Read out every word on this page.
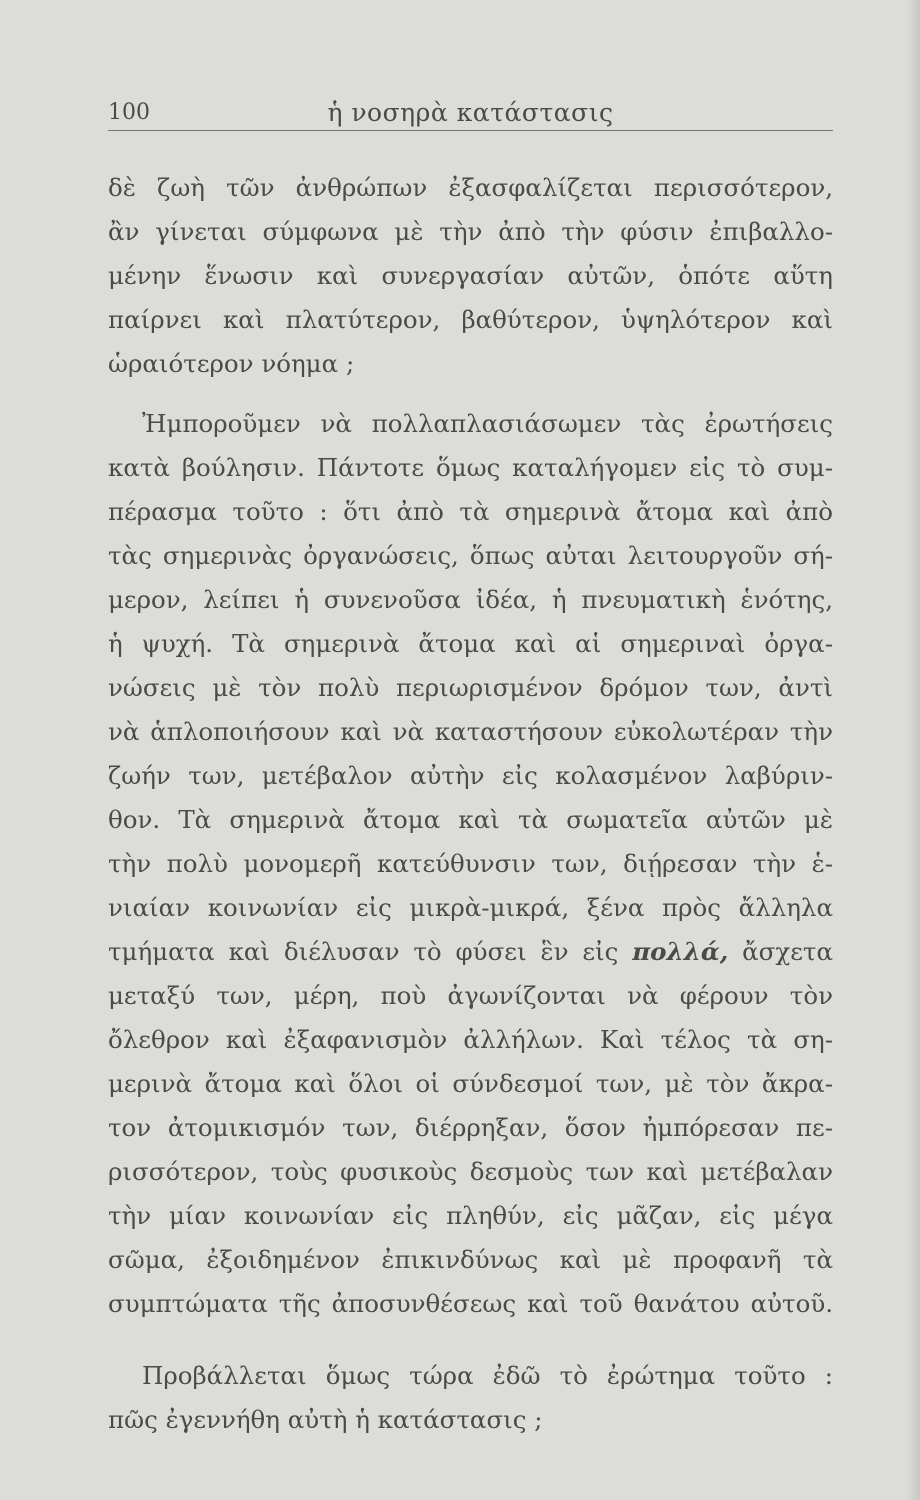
100	ἡ νοσηρὰ κατάστασις
δὲ ζωὴ τῶν ἀνθρώπων ἐξασφαλίζεται περισσότερον,
ἂν γίνεται σύμφωνα μὲ τὴν ἀπὸ τὴν φύσιν ἐπιβαλλο-
μένην ἕνωσιν καὶ συνεργασίαν αὐτῶν, ὁπότε αὕτη
παίρνει καὶ πλατύτερον, βαθύτερον, ὑψηλότερον καὶ
ὡραιότερον νόημα ;
Ἠμποροῦμεν νὰ πολλαπλασιάσωμεν τὰς ἐρωτήσεις
κατὰ βούλησιν. Πάντοτε ὅμως καταλήγομεν εἰς τὸ συμ-
πέρασμα τοῦτο : ὅτι ἀπὸ τὰ σημερινὰ ἄτομα καὶ ἀπὸ
τὰς σημερινὰς ὀργανώσεις, ὅπως αὐται λειτουργοῦν σή-
μερον, λείπει ἡ συνενοῦσα ἰδέα, ἡ πνευματικὴ ἑνότης,
ἡ ψυχή. Τὰ σημερινὰ ἄτομα καὶ αἱ σημεριναὶ ὀργα-
νώσεις μὲ τὸν πολὺ περιωρισμένον δρόμον των, ἀντὶ
νὰ ἁπλοποιήσουν καὶ νὰ καταστήσουν εὐκολωτέραν τὴν
ζωήν των, μετέβαλον αὐτὴν εἰς κολασμένον λαβύριν-
θον. Τὰ σημερινὰ ἄτομα καὶ τὰ σωματεῖα αὐτῶν μὲ
τὴν πολὺ μονομερῆ κατεύθυνσιν των, διῄρεσαν τὴν ἑ-
νιαίαν κοινωνίαν εἰς μικρὰ-μικρά, ξένα πρὸς ἄλληλα
τμήματα καὶ διέλυσαν τὸ φύσει ἓν εἰς πολλά, ἄσχετα
μεταξύ των, μέρη, ποὺ ἀγωνίζονται νὰ φέρουν τὸν
ὄλεθρον καὶ ἐξαφανισμὸν ἀλλήλων. Καὶ τέλος τὰ ση-
μερινὰ ἄτομα καὶ ὅλοι οἱ σύνδεσμοί των, μὲ τὸν ἄκρα-
τον ἀτομικισμόν των, διέρρηξαν, ὅσον ἠμπόρεσαν πε-
ρισσότερον, τοὺς φυσικοὺς δεσμοὺς των καὶ μετέβαλαν
τὴν μίαν κοινωνίαν εἰς πληθύν, εἰς μᾶζαν, εἰς μέγα
σῶμα, ἐξοιδημένον ἐπικινδύνως καὶ μὲ προφανῆ τὰ
συμπτώματα τῆς ἀποσυνθέσεως καὶ τοῦ θανάτου αὐτοῦ.
Προβάλλεται ὅμως τώρα ἐδῶ τὸ ἐρώτημα τοῦτο :
πῶς ἐγεννήθη αὐτὴ ἡ κατάστασις ;
